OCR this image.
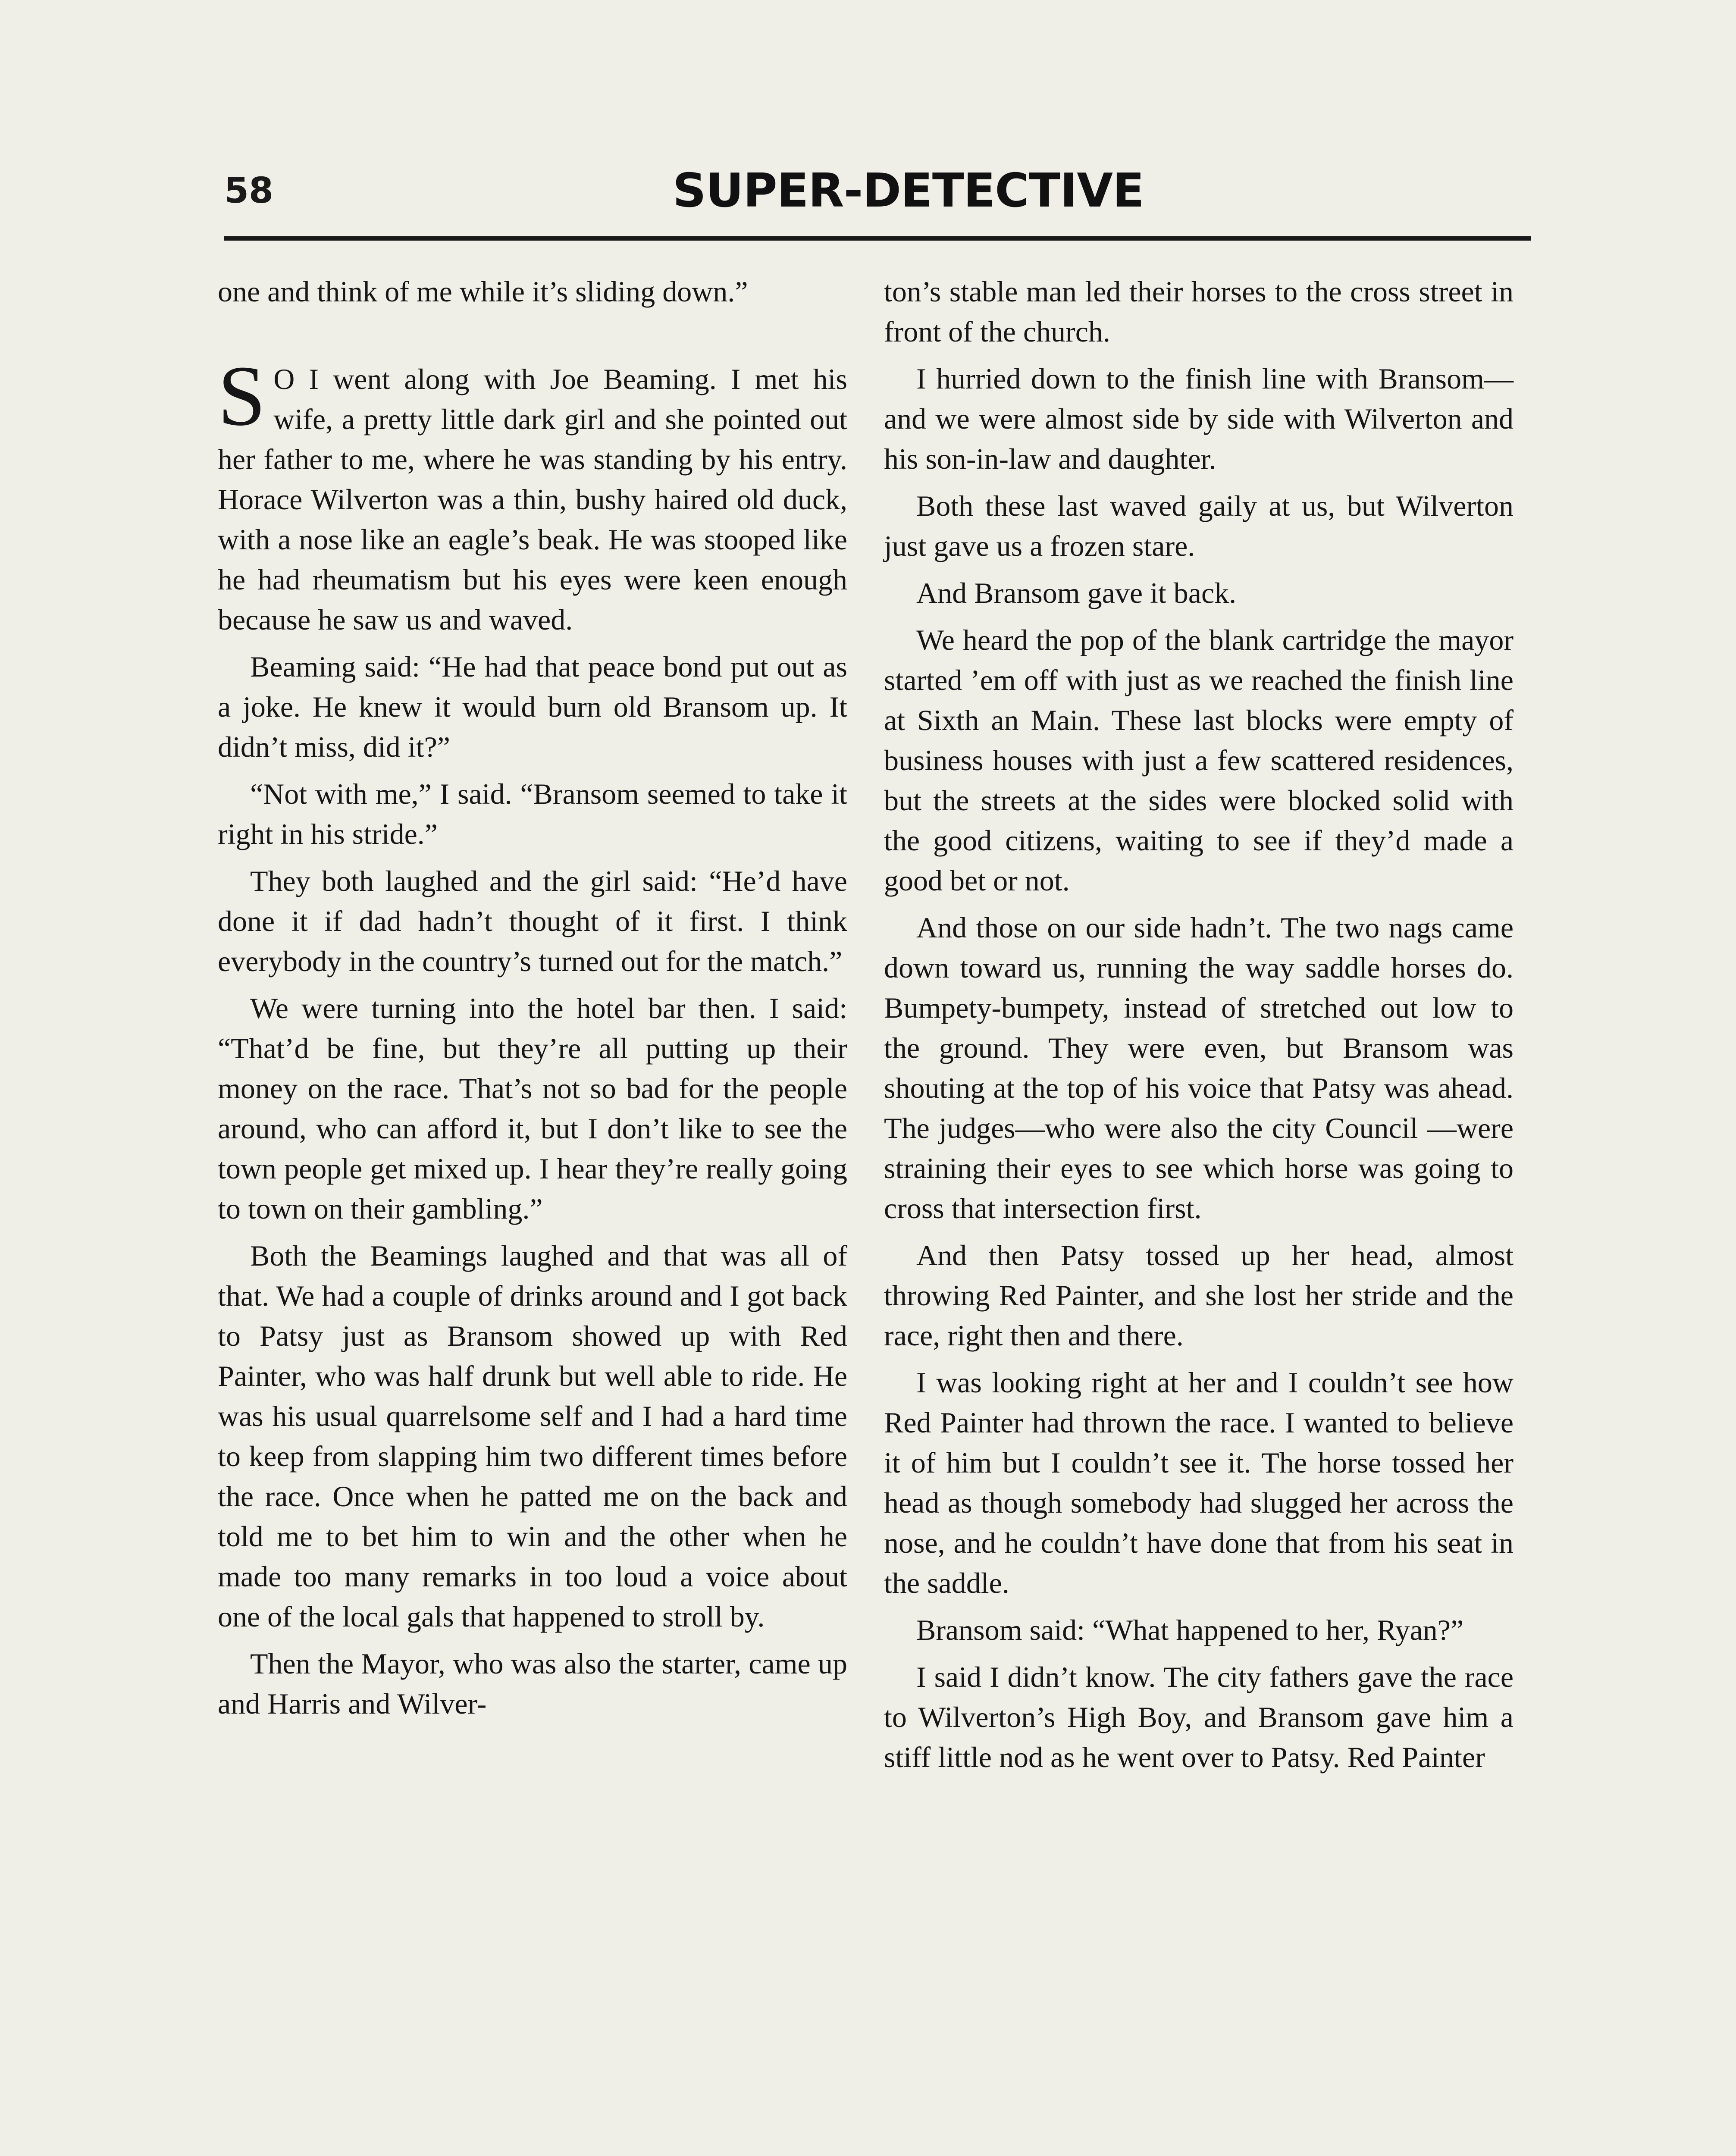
58	SUPER-DETECTIVE

one and think of me while it’s sliding down.”

S O I went along with Joe Beaming. I met his wife, a pretty little dark girl and she pointed out her father to me, where he was standing by his entry. Horace Wilverton was a thin, bushy haired old duck, with a nose like an eagle’s beak. He was stooped like he had rheumatism but his eyes were keen enough because he saw us and waved.

Beaming said: “He had that peace bond put out as a joke. He knew it would burn old Bransom up. It didn’t miss, did it?”

“Not with me,” I said. “Bransom seemed to take it right in his stride.”

They both laughed and the girl said: “He’d have done it if dad hadn’t thought of it first. I think everybody in the country’s turned out for the match.”

We were turning into the hotel bar then. I said: “That’d be fine, but they’re all putting up their money on the race. That’s not so bad for the people around, who can afford it, but I don’t like to see the town people get mixed up. I hear they’re really going to town on their gambling.”

Both the Beamings laughed and that was all of that. We had a couple of drinks around and I got back to Patsy just as Bransom showed up with Red Painter, who was half drunk but well able to ride. He was his usual quarrelsome self and I had a hard time to keep from slapping him two different times before the race. Once when he patted me on the back and told me to bet him to win and the other when he made too many remarks in too loud a voice about one of the local gals that happened to stroll by.

Then the Mayor, who was also the starter, came up and Harris and Wilver-

ton’s stable man led their horses to the cross street in front of the church.

I hurried down to the finish line with Bransom—and we were almost side by side with Wilverton and his son-in-law and daughter.

Both these last waved gaily at us, but Wilverton just gave us a frozen stare.

And Bransom gave it back.

We heard the pop of the blank cartridge the mayor started ’em off with just as we reached the finish line at Sixth an Main. These last blocks were empty of business houses with just a few scattered residences, but the streets at the sides were blocked solid with the good citizens, waiting to see if they’d made a good bet or not.

And those on our side hadn’t. The two nags came down toward us, running the way saddle horses do. Bumpety-bumpety, instead of stretched out low to the ground. They were even, but Bransom was shouting at the top of his voice that Patsy was ahead. The judges—who were also the city Council —were straining their eyes to see which horse was going to cross that intersection first.

And then Patsy tossed up her head, almost throwing Red Painter, and she lost her stride and the race, right then and there.

I was looking right at her and I couldn’t see how Red Painter had thrown the race. I wanted to believe it of him but I couldn’t see it. The horse tossed her head as though somebody had slugged her across the nose, and he couldn’t have done that from his seat in the saddle.

Bransom said: “What happened to her, Ryan?”

I said I didn’t know. The city fathers gave the race to Wilverton’s High Boy, and Bransom gave him a stiff little nod as he went over to Patsy. Red Painter
